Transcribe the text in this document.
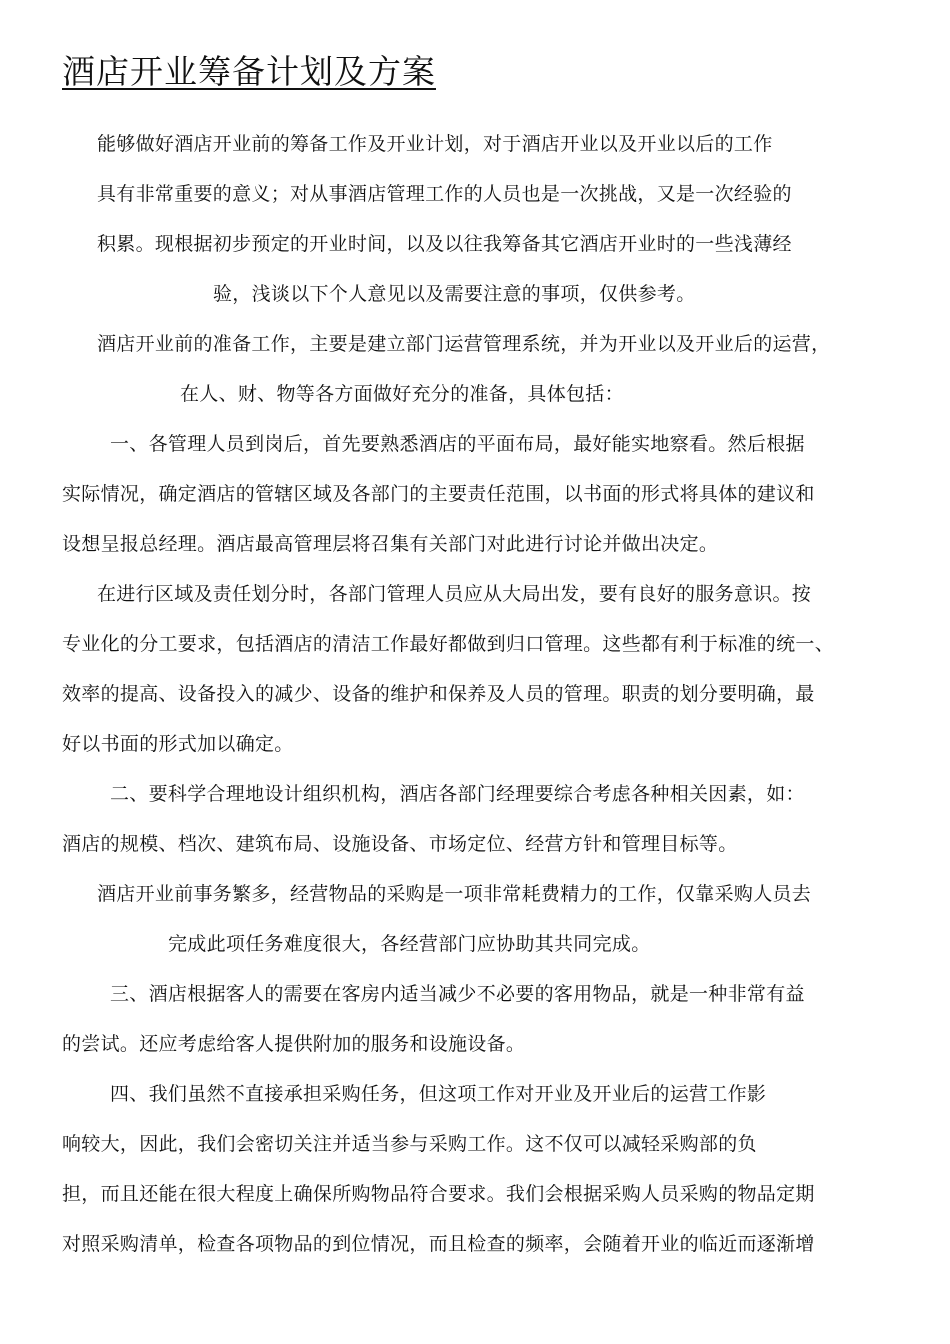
酒店开业筹备计划及方案
能够做好酒店开业前的筹备工作及开业计划，对于酒店开业以及开业以后的工作
具有非常重要的意义；对从事酒店管理工作的人员也是一次挑战，又是一次经验的
积累。现根据初步预定的开业时间，以及以往我筹备其它酒店开业时的一些浅薄经
验，浅谈以下个人意见以及需要注意的事项，仅供参考。
酒店开业前的准备工作，主要是建立部门运营管理系统，并为开业以及开业后的运营，
在人、财、物等各方面做好充分的准备，具体包括：
一、各管理人员到岗后，首先要熟悉酒店的平面布局，最好能实地察看。然后根据
实际情况，确定酒店的管辖区域及各部门的主要责任范围，以书面的形式将具体的建议和
设想呈报总经理。酒店最高管理层将召集有关部门对此进行讨论并做出决定。
在进行区域及责任划分时，各部门管理人员应从大局出发，要有良好的服务意识。按
专业化的分工要求，包括酒店的清洁工作最好都做到归口管理。这些都有利于标准的统一、
效率的提高、设备投入的减少、设备的维护和保养及人员的管理。职责的划分要明确，最
好以书面的形式加以确定。
二、要科学合理地设计组织机构，酒店各部门经理要综合考虑各种相关因素，如：
酒店的规模、档次、建筑布局、设施设备、市场定位、经营方针和管理目标等。
酒店开业前事务繁多，经营物品的采购是一项非常耗费精力的工作，仅靠采购人员去
完成此项任务难度很大，各经营部门应协助其共同完成。
三、酒店根据客人的需要在客房内适当减少不必要的客用物品，就是一种非常有益
的尝试。还应考虑给客人提供附加的服务和设施设备。
四、我们虽然不直接承担采购任务，但这项工作对开业及开业后的运营工作影
响较大，因此，我们会密切关注并适当参与采购工作。这不仅可以减轻采购部的负
担，而且还能在很大程度上确保所购物品符合要求。我们会根据采购人员采购的物品定期
对照采购清单，检查各项物品的到位情况，而且检查的频率，会随着开业的临近而逐渐增
